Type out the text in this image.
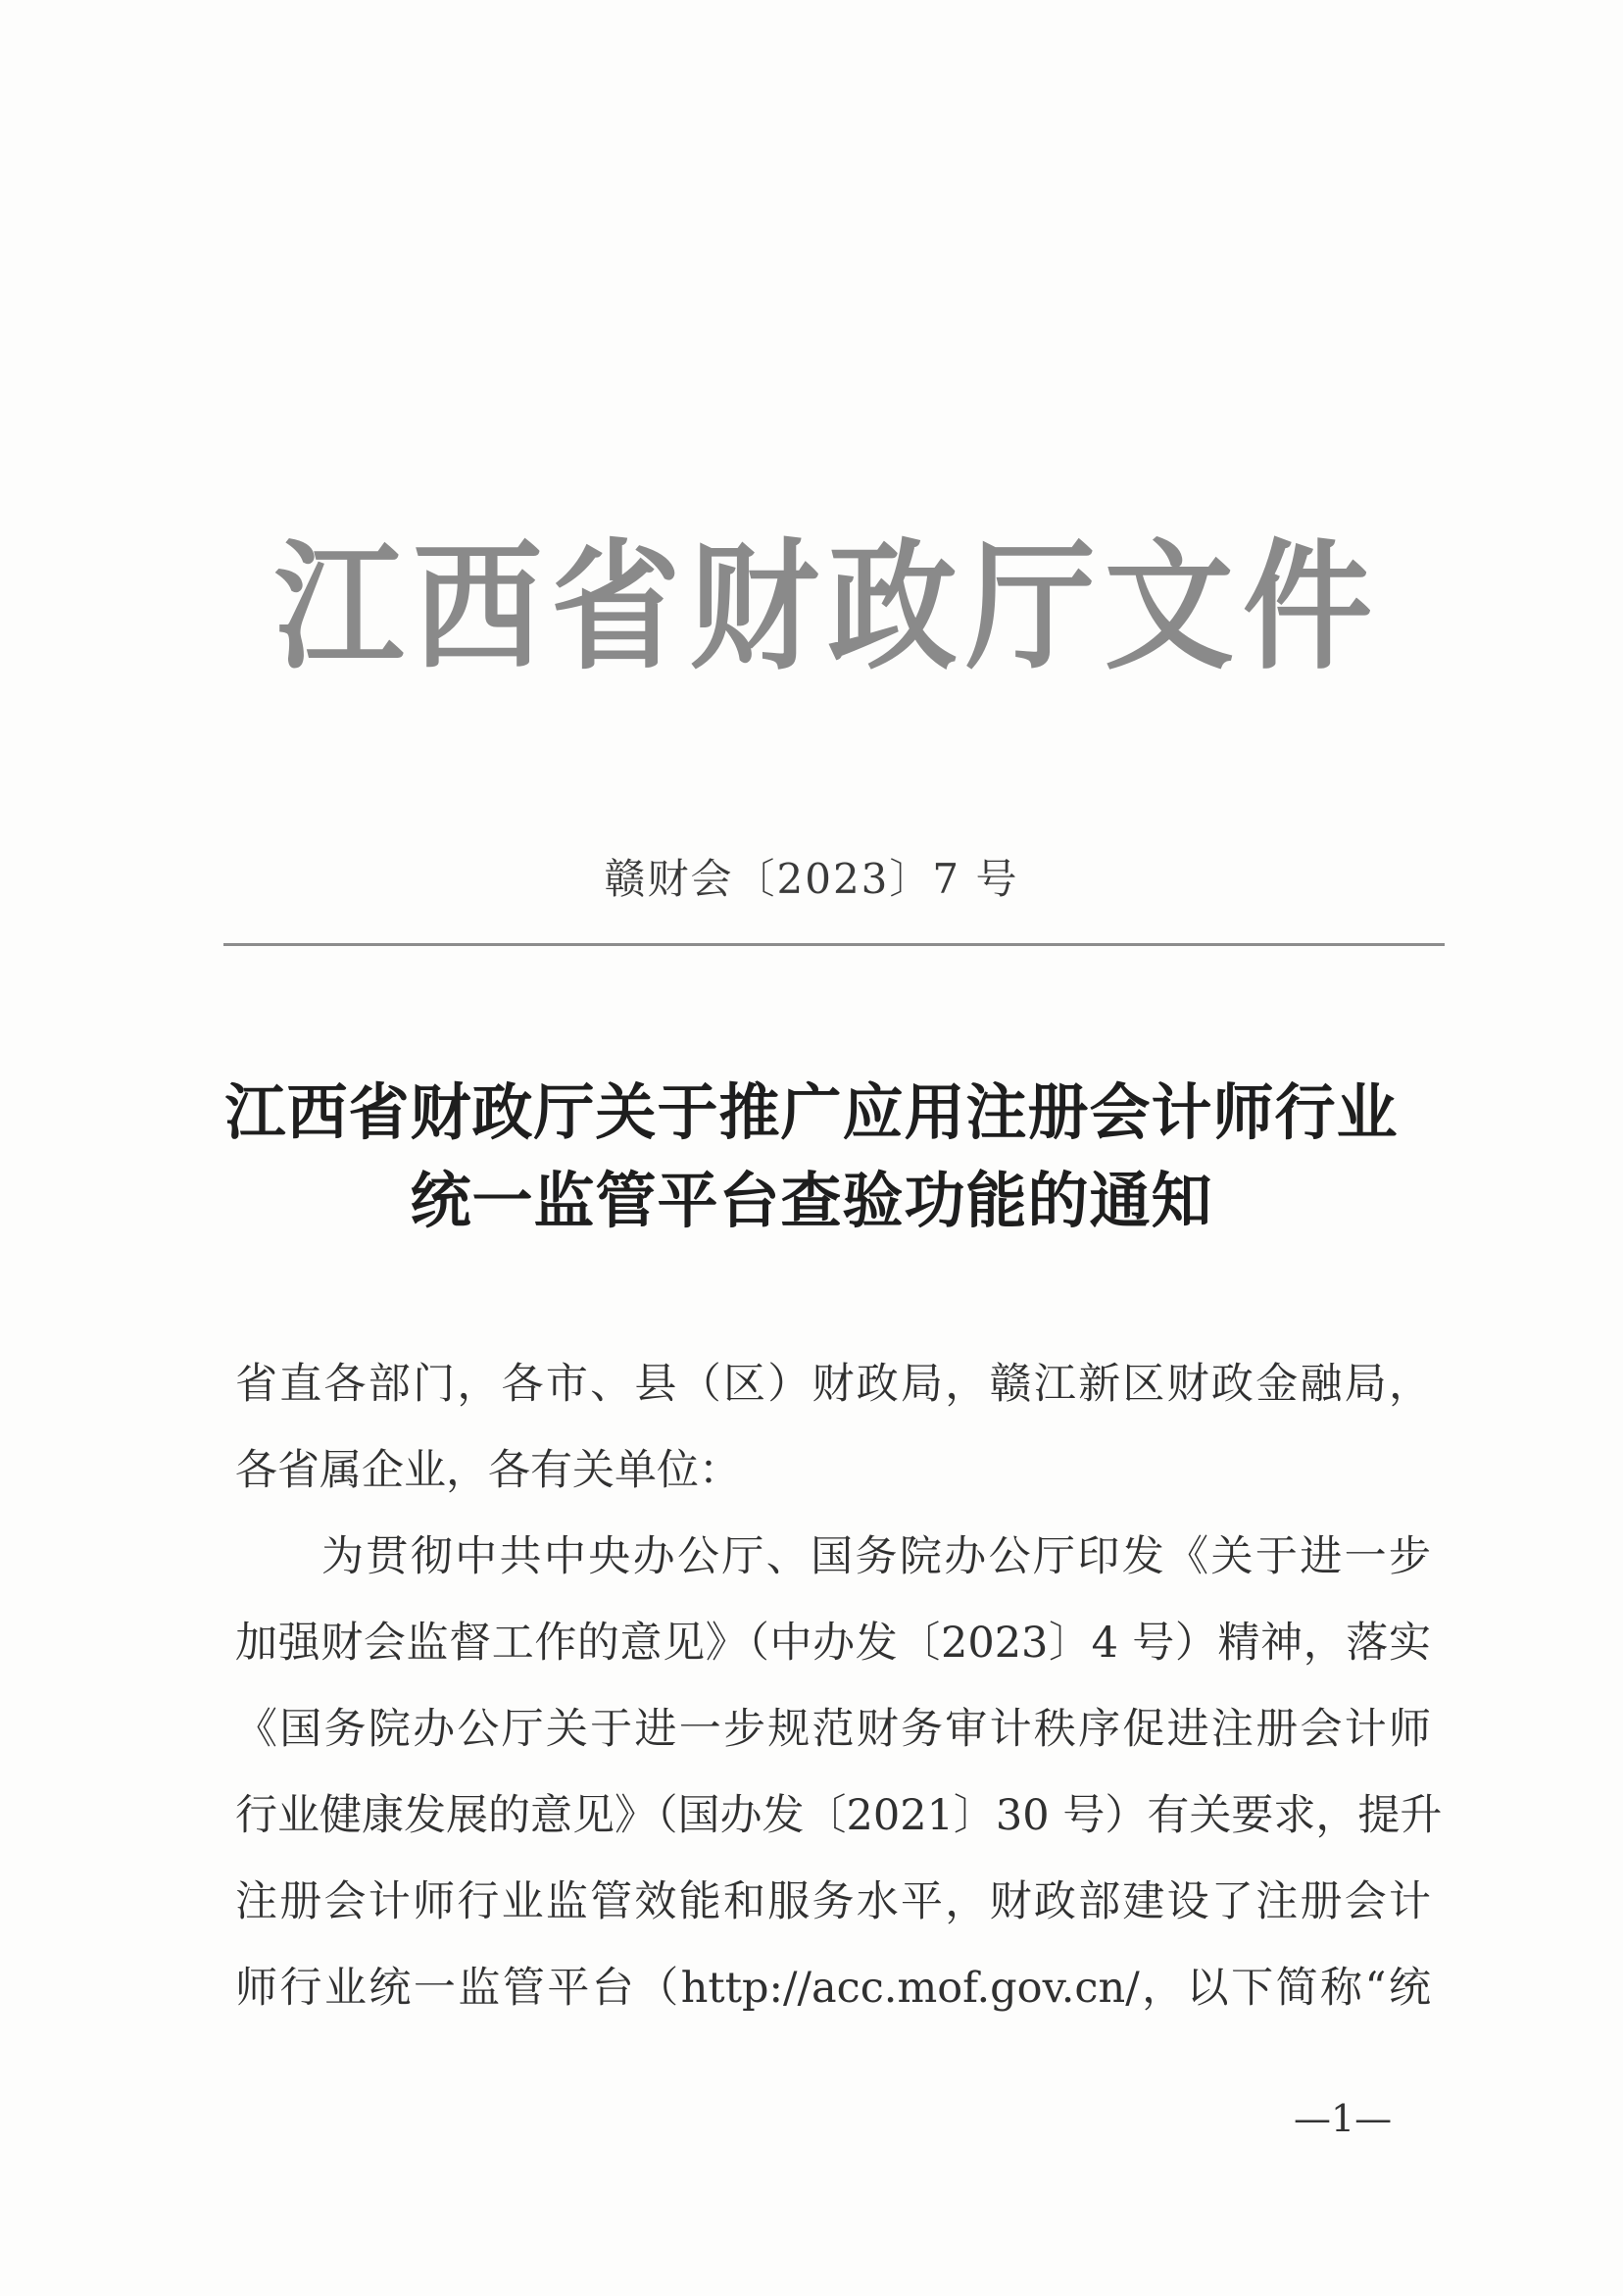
江 西 省 财 政 厅 文 件
赣财会〔2023〕7 号
江西省财政厅关于推广应用注册会计师行业
统一监管平台查验功能的通知
省直各部门，各市、县（区）财政局，赣江新区财政金融局，
各省属企业，各有关单位：
为贯彻中共中央办公厅、国务院办公厅印发《关于进一步
加强财会监督工作的意见》（中办发〔2023〕4 号）精神，落实
《国务院办公厅关于进一步规范财务审计秩序促进注册会计师
行业健康发展的意见》（国办发〔2021〕30 号）有关要求，提升
注册会计师行业监管效能和服务水平，财政部建设了注册会计
师行业统一监管平台（http://acc.mof.gov.cn/，以下简称“统
—1—
